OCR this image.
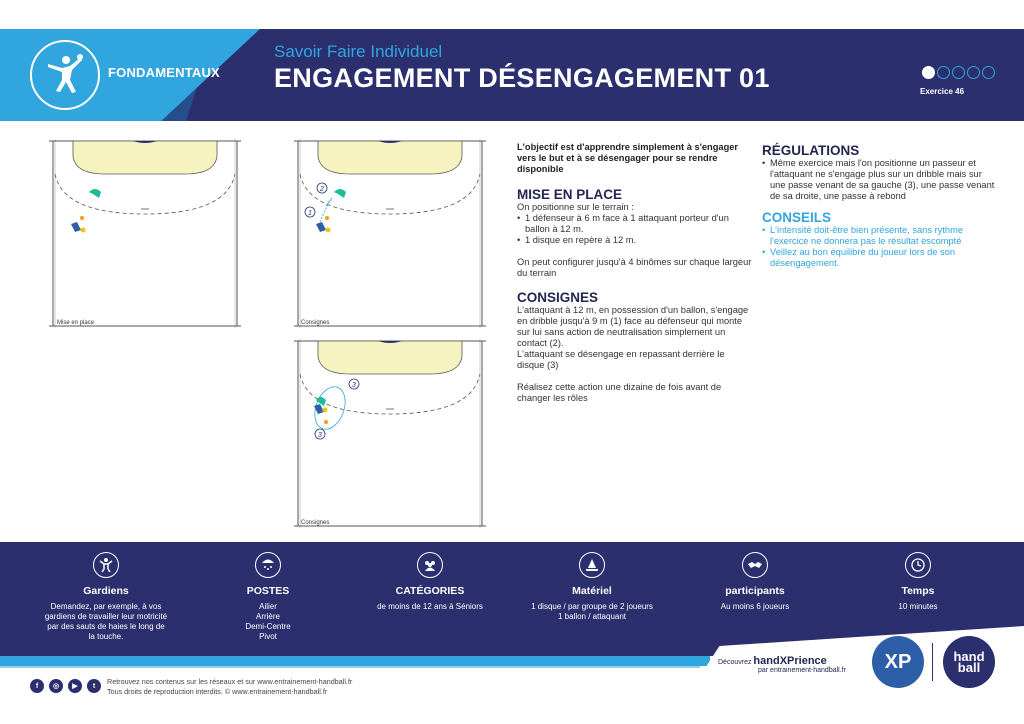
FONDAMENTAUX
Savoir Faire Individuel
ENGAGEMENT DÉSENGAGEMENT 01	Exercice 46
Mise en place
2
1
Consignes
3
3
Consignes
L'objectif est d'apprendre simplement à s'engager vers le but et à se désengager pour se rendre disponible
MISE EN PLACE
On positionne sur le terrain :
• 1 défenseur à 6 m face à 1 attaquant porteur d'un ballon à 12 m.
• 1 disque en repère à 12 m.
On peut configurer jusqu'à 4 binômes sur chaque largeur du terrain
CONSIGNES
L'attaquant à 12 m, en possession d'un ballon, s'engage en dribble jusqu'à 9 m (1) face au défenseur qui monte sur lui sans action de neutralisation simplement un contact (2).
L'attaquant se désengage en repassant derrière le disque (3)
Réalisez cette action une dizaine de fois avant de changer les rôles
RÉGULATIONS
• Même exercice mais l'on positionne un passeur et l'attaquant ne s'engage plus sur un dribble mais sur une passe venant de sa gauche (3), une passe venant de sa droite, une passe à rebond
CONSEILS
• L'intensité doit-être bien présente, sans rythme l'exercice ne donnera pas le résultat escompté
• Veillez au bon équilibre du joueur lors de son désengagement.
Gardiens
Demandez, par exemple, à vos gardiens de travailler leur motricité par des sauts de haies le long de la touche.
POSTES
Ailier
Arrière
Demi-Centre
Pivot
CATÉGORIES
de moins de 12 ans à Séniors
Matériel
1 disque / par groupe de 2 joueurs
1 ballon / attaquant
participants
Au moins 6 joueurs
Temps
10 minutes
Découvrez handXPrience
par entrainement-handball.fr	XP	hand
ball
f	◎	▶	t	Retrouvez nos contenus sur les réseaux et sur www.entrainement-handball.fr
Tous droits de reproduction interdits. © www.entrainement-handball.fr
